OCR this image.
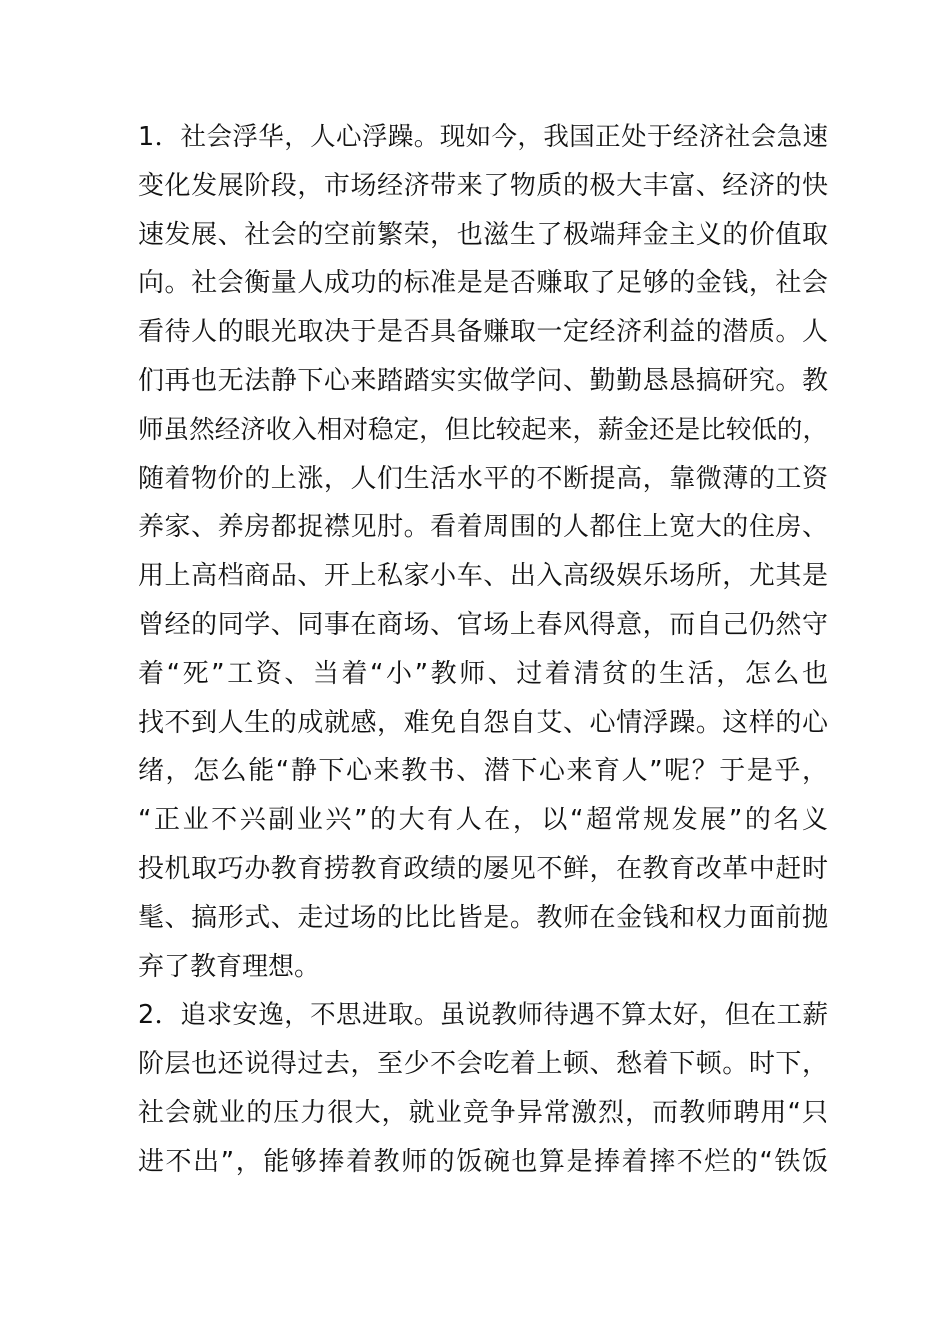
1．社会浮华，人心浮躁。现如今，我国正处于经济社会急速
变化发展阶段，市场经济带来了物质的极大丰富、经济的快
速发展、社会的空前繁荣，也滋生了极端拜金主义的价值取
向。社会衡量人成功的标准是是否赚取了足够的金钱，社会
看待人的眼光取决于是否具备赚取一定经济利益的潜质。人
们再也无法静下心来踏踏实实做学问、勤勤恳恳搞研究。教
师虽然经济收入相对稳定，但比较起来，薪金还是比较低的，
随着物价的上涨，人们生活水平的不断提高，靠微薄的工资
养家、养房都捉襟见肘。看着周围的人都住上宽大的住房、
用上高档商品、开上私家小车、出入高级娱乐场所，尤其是
曾经的同学、同事在商场、官场上春风得意，而自己仍然守
着“死”工资、当着“小”教师、过着清贫的生活，怎么也
找不到人生的成就感，难免自怨自艾、心情浮躁。这样的心
绪，怎么能“静下心来教书、潜下心来育人”呢？于是乎，
“正业不兴副业兴”的大有人在，以“超常规发展”的名义
投机取巧办教育捞教育政绩的屡见不鲜，在教育改革中赶时
髦、搞形式、走过场的比比皆是。教师在金钱和权力面前抛
弃了教育理想。
2．追求安逸，不思进取。虽说教师待遇不算太好，但在工薪
阶层也还说得过去，至少不会吃着上顿、愁着下顿。时下，
社会就业的压力很大，就业竞争异常激烈，而教师聘用“只
进不出”，能够捧着教师的饭碗也算是捧着摔不烂的“铁饭
